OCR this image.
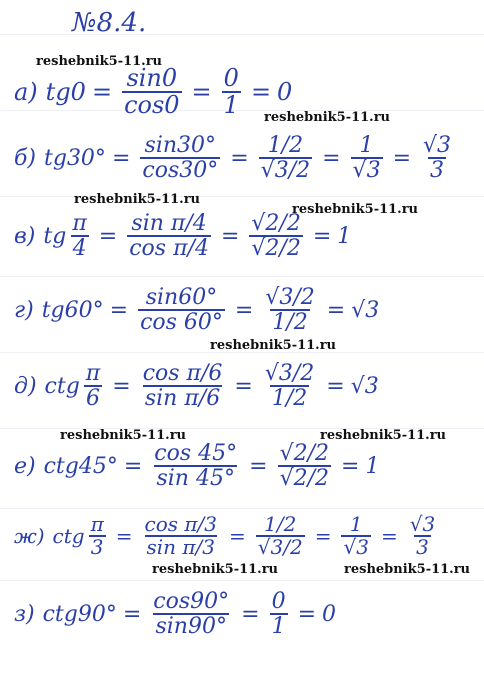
№8.4.
reshebnik5-11.ru
reshebnik5-11.ru
reshebnik5-11.ru
reshebnik5-11.ru
reshebnik5-11.ru
reshebnik5-11.ru	reshebnik5-11.ru
reshebnik5-11.ru	reshebnik5-11.ru
а) $tg0 = \frac{\sin 0}{\cos 0} = \frac{0}{1} = 0$
б) $tg30^\circ = \frac{\sin 30^\circ}{\cos 30^\circ} = \frac{1/2}{√3/2} = \frac{1}{√3} = \frac{√3}{3}$
в) tg $\frac{\pi}{4} = \frac{\text{sin π/4}}{\text{cos π/4}} = \frac{√2/2}{√2/2} = 1$
г) $tg60^\circ = \frac{\sin 60^\circ}{\cos 60^\circ} = \frac{√3/2}{1/2} = √3$
д) ctg $\frac{\pi}{6} = \frac{\text{cos π/6}}{\text{sin π/6}} = \frac{√3/2}{1/2} = √3$
е) $ctg45^\circ = \frac{\cos 45^\circ}{\sin 45^\circ} = \frac{√2/2}{√2/2} = 1$
ж) ctg $\frac{\pi}{3} = \frac{\text{cos π/3}}{\text{sin π/3}} = \frac{1/2}{√3/2} = \frac{1}{√3} = \frac{√3}{3}$
з) $ctg90^\circ = \frac{\cos 90^\circ}{\sin 90^\circ} = \frac{0}{1} = 0$
